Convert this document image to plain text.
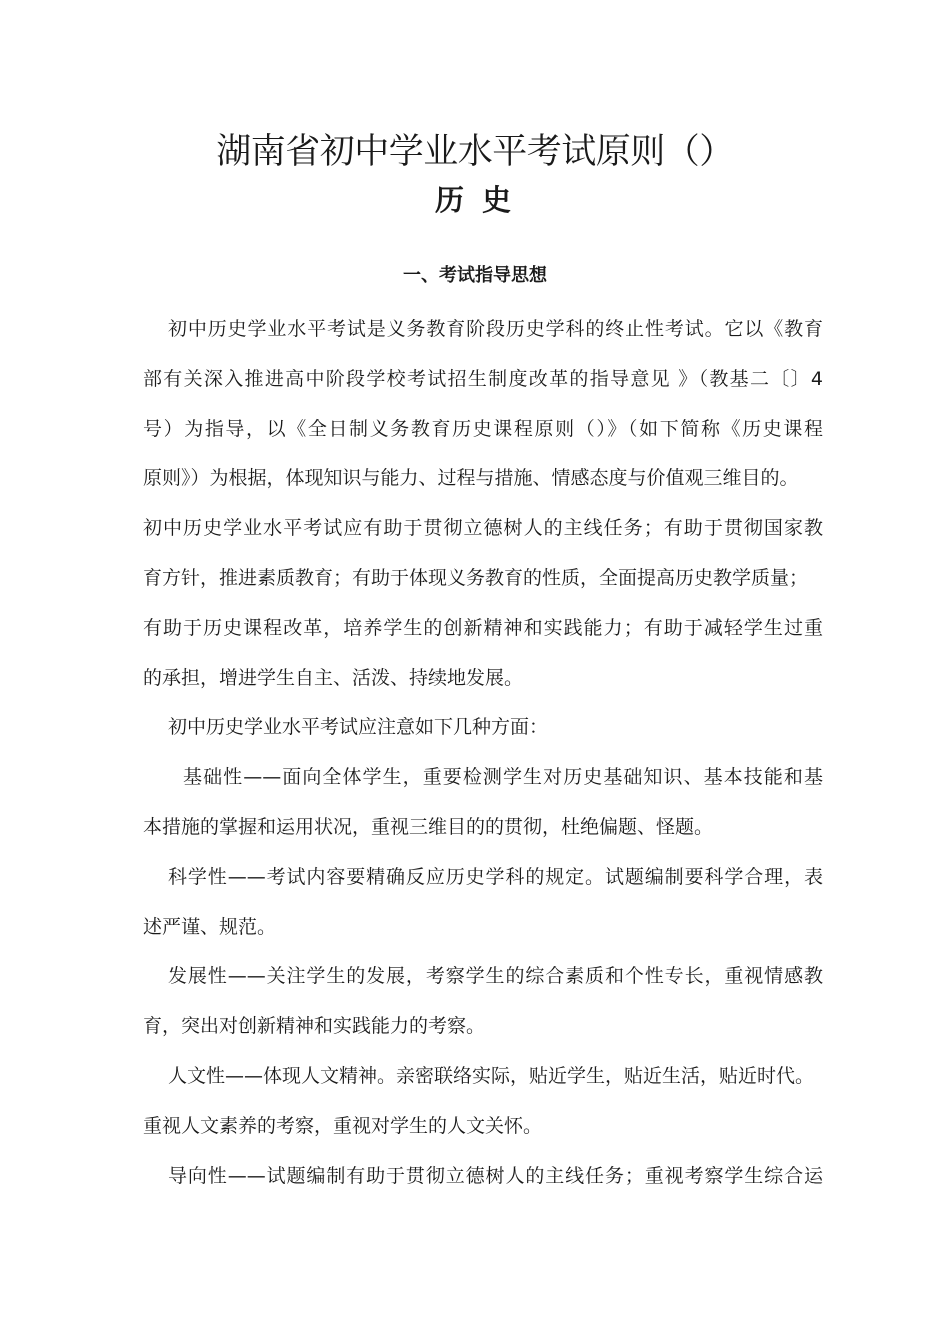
湖南省初中学业水平考试原则（）
历 史
一、考试指导思想
初中历史学业水平考试是义务教育阶段历史学科的终止性考试。它以《教育
部有关深入推进高中阶段学校考试招生制度改革的指导意见 》（教基二〔〕4
号）为指导，以《全日制义务教育历史课程原则（）》（如下简称《历史课程
原则》）为根据，体现知识与能力、过程与措施、情感态度与价值观三维目的。
初中历史学业水平考试应有助于贯彻立德树人的主线任务；有助于贯彻国家教
育方针，推进素质教育；有助于体现义务教育的性质，全面提高历史教学质量；
有助于历史课程改革，培养学生的创新精神和实践能力；有助于减轻学生过重
的承担，增进学生自主、活泼、持续地发展。
初中历史学业水平考试应注意如下几种方面：
基础性——面向全体学生，重要检测学生对历史基础知识、基本技能和基
本措施的掌握和运用状况，重视三维目的的贯彻，杜绝偏题、怪题。
科学性——考试内容要精确反应历史学科的规定。试题编制要科学合理，表
述严谨、规范。
发展性——关注学生的发展，考察学生的综合素质和个性专长，重视情感教
育，突出对创新精神和实践能力的考察。
人文性——体现人文精神。亲密联络实际，贴近学生，贴近生活，贴近时代。
重视人文素养的考察，重视对学生的人文关怀。
导向性——试题编制有助于贯彻立德树人的主线任务；重视考察学生综合运
